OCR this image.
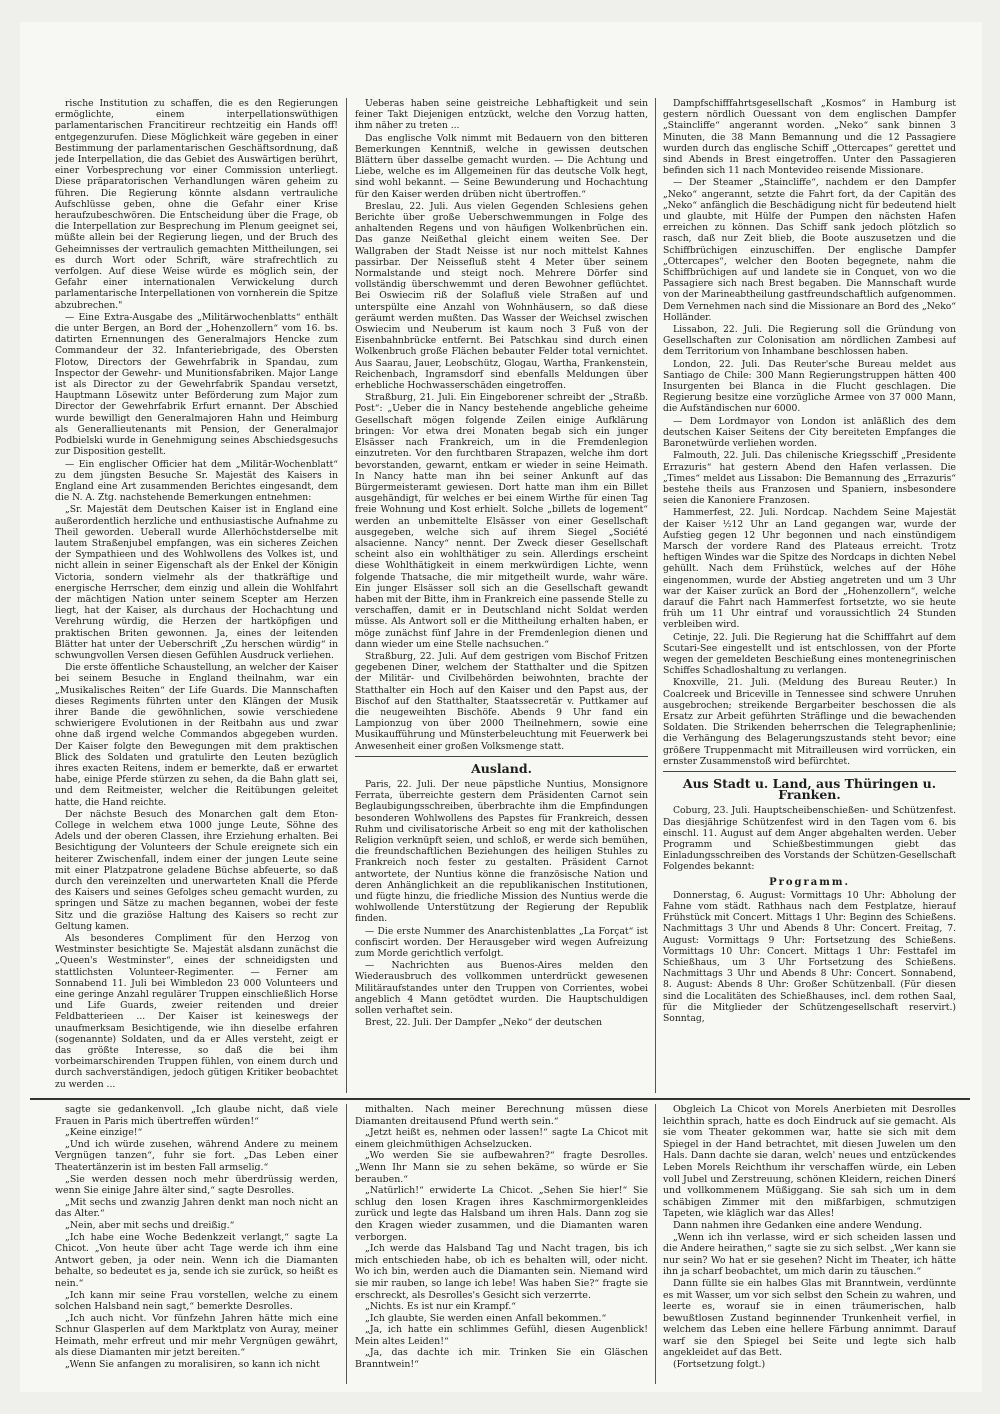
rische Institution zu schaffen, die es den Regierungen ermöglichte, einem interpellationswüthigen parlamentarischen Francitireur rechtzeitig ein Hands off! entgegenzurufen. Diese Möglichkeit wäre gegeben in einer Bestimmung der parlamentarischen Geschäftsordnung, daß jede Interpellation, die das Gebiet des Auswärtigen berührt, einer Vorbesprechung vor einer Commission unterliegt. Diese präparatorischen Verhandlungen wären geheim zu führen. Die Regierung könnte alsdann vertrauliche Aufschlüsse geben, ohne die Gefahr einer Krise heraufzubeschwören. Die Entscheidung über die Frage, ob die Interpellation zur Besprechung im Plenum geeignet sei, müßte allein bei der Regierung liegen, und der Bruch des Geheimnisses der vertraulich gemachten Mittheilungen, sei es durch Wort oder Schrift, wäre strafrechtlich zu verfolgen. Auf diese Weise würde es möglich sein, der Gefahr einer internationalen Verwickelung durch parlamentarische Interpellationen von vornherein die Spitze abzubrechen."

— Eine Extra-Ausgabe des „Militärwochenblatts“ enthält die unter Bergen, an Bord der „Hohenzollern“ vom 16. bs. datirten Ernennungen des Generalmajors Hencke zum Commandeur der 32. Infanteriebrigade, des Obersten Flotow, Directors der Gewehrfabrik in Spandau, zum Inspector der Gewehr- und Munitionsfabriken. Major Lange ist als Director zu der Gewehrfabrik Spandau versetzt, Hauptmann Lösewitz unter Beförderung zum Major zum Director der Gewehrfabrik Erfurt ernannt. Der Abschied wurde bewilligt den Generalmajoren Hahn und Heimburg als Generallieutenants mit Pension, der Generalmajor Podbielski wurde in Genehmigung seines Abschiedsgesuchs zur Disposition gestellt.

— Ein englischer Officier hat dem „Militär-Wochenblatt“ zu dem jüngsten Besuche Sr. Majestät des Kaisers in England eine Art zusammenden Berichtes eingesandt, dem die N. A. Ztg. nachstehende Bemerkungen entnehmen:

„Sr. Majestät dem Deutschen Kaiser ist in England eine außerordentlich herzliche und enthusiastische Aufnahme zu Theil geworden. Ueberall wurde Allerhöchstderselbe mit lautem Straßenjubel empfangen, was ein sicheres Zeichen der Sympathieen und des Wohlwollens des Volkes ist, und nicht allein in seiner Eigenschaft als der Enkel der Königin Victoria, sondern vielmehr als der thatkräftige und energische Herrscher, dem einzig und allein die Wohlfahrt der mächtigen Nation unter seinem Scepter am Herzen liegt, hat der Kaiser, als durchaus der Hochachtung und Verehrung würdig, die Herzen der hartköpfigen und praktischen Briten gewonnen. Ja, eines der leitenden Blätter hat unter der Ueberschrift „Zu herschen würdig“ in schwungvollen Versen diesen Gefühlen Ausdruck verliehen.

Die erste öffentliche Schaustellung, an welcher der Kaiser bei seinem Besuche in England theilnahm, war ein „Musikalisches Reiten“ der Life Guards. Die Mannschaften dieses Regiments führten unter den Klängen der Musik ihrer Bande die gewöhnlichen, sowie verschiedene schwierigere Evolutionen in der Reitbahn aus und zwar ohne daß irgend welche Commandos abgegeben wurden. Der Kaiser folgte den Bewegungen mit dem praktischen Blick des Soldaten und gratulirte den Leuten bezüglich ihres exacten Reitens, indem er bemerkte, daß er erwartet habe, einige Pferde stürzen zu sehen, da die Bahn glatt sei, und dem Reitmeister, welcher die Reitübungen geleitet hatte, die Hand reichte.

Der nächste Besuch des Monarchen galt dem Eton-College in welchem etwa 1000 junge Leute, Söhne des Adels und der oberen Classen, ihre Erziehung erhalten. Bei Besichtigung der Volunteers der Schule ereignete sich ein heiterer Zwischenfall, indem einer der jungen Leute seine mit einer Platzpatrone geladene Büchse abfeuerte, so daß durch den vereinzelten und unerwarteten Knall die Pferde des Kaisers und seines Gefolges scheu gemacht wurden, zu springen und Sätze zu machen begannen, wobei der feste Sitz und die graziöse Haltung des Kaisers so recht zur Geltung kamen.

Als besonderes Compliment für den Herzog von Westminster besichtigte Se. Majestät alsdann zunächst die „Queen's Westminster“, eines der schneidigsten und stattlichsten Volunteer-Regimenter. — Ferner am Sonnabend 11. Juli bei Wimbledon 23 000 Volunteers und eine geringe Anzahl regulärer Truppen einschließlich Horse und Life Guards, zweier reitenden und dreier Feldbatterieen ... Der Kaiser ist keineswegs der unaufmerksam Besichtigende, wie ihn dieselbe erfahren (sogenannte) Soldaten, und da er Alles versteht, zeigt er das größte Interesse, so daß die bei ihm vorbeimarschirenden Truppen fühlen, von einem durch und durch sachverständigen, jedoch gütigen Kritiker beobachtet zu werden ...

Ueberas haben seine geistreiche Lebhaftigkeit und sein feiner Takt Diejenigen entzückt, welche den Vorzug hatten, ihm näher zu treten ...

Das englische Volk nimmt mit Bedauern von den bitteren Bemerkungen Kenntniß, welche in gewissen deutschen Blättern über dasselbe gemacht wurden. — Die Achtung und Liebe, welche es im Allgemeinen für das deutsche Volk hegt, sind wohl bekannt. — Seine Bewunderung und Hochachtung für den Kaiser werden drüben nicht übertroffen.“

Breslau, 22. Juli. Aus vielen Gegenden Schlesiens gehen Berichte über große Ueberschwemmungen in Folge des anhaltenden Regens und von häufigen Wolkenbrüchen ein. Das ganze Neißethal gleicht einem weiten See. Der Wallgraben der Stadt Neisse ist nur noch mittelst Kahnes passirbar. Der Neissefluß steht 4 Meter über seinem Normalstande und steigt noch. Mehrere Dörfer sind vollständig überschwemmt und deren Bewohner geflüchtet. Bei Oswiecim riß der Solafluß viele Straßen auf und unterspülte eine Anzahl von Wohnhäusern, so daß diese geräumt werden mußten. Das Wasser der Weichsel zwischen Oswiecim und Neuberum ist kaum noch 3 Fuß von der Eisenbahnbrücke entfernt. Bei Patschkau sind durch einen Wolkenbruch große Flächen bebauter Felder total vernichtet. Aus Saarau, Jauer, Leobschütz, Glogau, Wartha, Frankenstein, Reichenbach, Ingramsdorf sind ebenfalls Meldungen über erhebliche Hochwasserschäden eingetroffen.

Straßburg, 21. Juli. Ein Eingeborener schreibt der „Straßb. Post“: „Ueber die in Nancy bestehende angebliche geheime Gesellschaft mögen folgende Zeilen einige Aufklärung bringen: Vor etwa drei Monaten begab sich ein junger Elsässer nach Frankreich, um in die Fremdenlegion einzutreten. Vor den furchtbaren Strapazen, welche ihm dort bevorstanden, gewarnt, entkam er wieder in seine Heimath. In Nancy hatte man ihn bei seiner Ankunft auf das Bürgermeisteramt gewiesen. Dort hatte man ihm ein Billet ausgehändigt, für welches er bei einem Wirthe für einen Tag freie Wohnung und Kost erhielt. Solche „billets de logement“ werden an unbemittelte Elsässer von einer Gesellschaft ausgegeben, welche sich auf ihrem Siegel „Société alsacienne. Nancy“ nennt. Der Zweck dieser Gesellschaft scheint also ein wohlthätiger zu sein. Allerdings erscheint diese Wohlthätigkeit in einem merkwürdigen Lichte, wenn folgende Thatsache, die mir mitgetheilt wurde, wahr wäre. Ein junger Elsässer soll sich an die Gesellschaft gewandt haben mit der Bitte, ihm in Frankreich eine passende Stelle zu verschaffen, damit er in Deutschland nicht Soldat werden müsse. Als Antwort soll er die Mittheilung erhalten haben, er möge zunächst fünf Jahre in der Fremdenlegion dienen und dann wieder um eine Stelle nachsuchen.“

Straßburg, 22. Juli. Auf dem gestrigen vom Bischof Fritzen gegebenen Diner, welchem der Statthalter und die Spitzen der Militär- und Civilbehörden beiwohnten, brachte der Statthalter ein Hoch auf den Kaiser und den Papst aus, der Bischof auf den Statthalter, Staatssecretär v. Puttkamer auf die neugeweihten Bischöfe. Abends 9 Uhr fand ein Lampionzug von über 2000 Theilnehmern, sowie eine Musikaufführung und Münsterbeleuchtung mit Feuerwerk bei Anwesenheit einer großen Volksmenge statt.

Ausland.

Paris, 22. Juli. Der neue päpstliche Nuntius, Monsignore Ferrata, überreichte gestern dem Präsidenten Carnot sein Beglaubigungsschreiben, überbrachte ihm die Empfindungen besonderen Wohlwollens des Papstes für Frankreich, dessen Ruhm und civilisatorische Arbeit so eng mit der katholischen Religion verknüpft seien, und schloß, er werde sich bemühen, die freundschaftlichen Beziehungen des heiligen Stuhles zu Frankreich noch fester zu gestalten. Präsident Carnot antwortete, der Nuntius könne die französische Nation und deren Anhänglichkeit an die republikanischen Institutionen, und fügte hinzu, die friedliche Mission des Nuntius werde die wohlwollende Unterstützung der Regierung der Republik finden.

— Die erste Nummer des Anarchistenblattes „La Forçat“ ist confiscirt worden. Der Herausgeber wird wegen Aufreizung zum Morde gerichtlich verfolgt.

— Nachrichten aus Buenos-Aires melden den Wiederausbruch des vollkommen unterdrückt gewesenen Militäraufstandes unter den Truppen von Corrientes, wobei angeblich 4 Mann getödtet wurden. Die Hauptschuldigen sollen verhaftet sein.

Brest, 22. Juli. Der Dampfer „Neko“ der deutschen

Dampfschifffahrtsgesellschaft „Kosmos“ in Hamburg ist gestern nördlich Ouessant von dem englischen Dampfer „Staincliffe“ angerannt worden. „Neko“ sank binnen 3 Minuten, die 38 Mann Bemannung und die 12 Passagiere wurden durch das englische Schiff „Ottercapes“ gerettet und sind Abends in Brest eingetroffen. Unter den Passagieren befinden sich 11 nach Montevideo reisende Missionare.

— Der Steamer „Staincliffe“, nachdem er den Dampfer „Neko“ angerannt, setzte die Fahrt fort, da der Capitän des „Neko“ anfänglich die Beschädigung nicht für bedeutend hielt und glaubte, mit Hülfe der Pumpen den nächsten Hafen erreichen zu können. Das Schiff sank jedoch plötzlich so rasch, daß nur Zeit blieb, die Boote auszusetzen und die Schiffbrüchigen einzuschiffen. Der englische Dampfer „Ottercapes“, welcher den Booten begegnete, nahm die Schiffbrüchigen auf und landete sie in Conquet, von wo die Passagiere sich nach Brest begaben. Die Mannschaft wurde von der Marineabtheilung gastfreundschaftlich aufgenommen. Dem Vernehmen nach sind die Missionare an Bord des „Neko“ Holländer.

Lissabon, 22. Juli. Die Regierung soll die Gründung von Gesellschaften zur Colonisation am nördlichen Zambesi auf dem Territorium von Inhambane beschlossen haben.

London, 22. Juli. Das Reuter'sche Bureau meldet aus Santiago de Chile: 300 Mann Regierungstruppen hätten 400 Insurgenten bei Blanca in die Flucht geschlagen. Die Regierung besitze eine vorzügliche Armee von 37 000 Mann, die Aufständischen nur 6000.

— Dem Lordmayor von London ist anläßlich des dem deutschen Kaiser Seitens der City bereiteten Empfanges die Baronetwürde verliehen worden.

Falmouth, 22. Juli. Das chilenische Kriegsschiff „Presidente Errazuris“ hat gestern Abend den Hafen verlassen. Die „Times“ meldet aus Lissabon: Die Bemannung des „Errazuris“ bestehe theils aus Franzosen und Spaniern, insbesondere seien die Kanoniere Franzosen.

Hammerfest, 22. Juli. Nordcap. Nachdem Seine Majestät der Kaiser ½12 Uhr an Land gegangen war, wurde der Aufstieg gegen 12 Uhr begonnen und nach einstündigem Marsch der vordere Rand des Plateaus erreicht. Trotz heftigen Windes war die Spitze des Nordcaps in dichten Nebel gehüllt. Nach dem Frühstück, welches auf der Höhe eingenommen, wurde der Abstieg angetreten und um 3 Uhr war der Kaiser zurück an Bord der „Hohenzollern“, welche darauf die Fahrt nach Hammerfest fortsetzte, wo sie heute früh um 11 Uhr eintraf und voraussichtlich 24 Stunden verbleiben wird.

Cetinje, 22. Juli. Die Regierung hat die Schifffahrt auf dem Scutari-See eingestellt und ist entschlossen, von der Pforte wegen der gemeldeten Beschießung eines montenegrinischen Schiffes Schadloshaltung zu verlangen.

Knoxville, 21. Juli. (Meldung des Bureau Reuter.) In Coalcreek und Briceville in Tennessee sind schwere Unruhen ausgebrochen; streikende Bergarbeiter beschossen die als Ersatz zur Arbeit geführten Sträflinge und die bewachenden Soldaten. Die Strikenden beherrschen die Telegraphenlinie; die Verhängung des Belagerungszustands steht bevor; eine größere Truppenmacht mit Mitrailleusen wird vorrücken, ein ernster Zusammenstoß wird befürchtet.

Aus Stadt u. Land, aus Thüringen u. Franken.

Coburg, 23. Juli. Hauptscheibenschießen- und Schützenfest. Das diesjährige Schützenfest wird in den Tagen vom 6. bis einschl. 11. August auf dem Anger abgehalten werden. Ueber Programm und Schießbestimmungen giebt das Einladungsschreiben des Vorstands der Schützen-Gesellschaft Folgendes bekannt:

Programm.

Donnerstag, 6. August: Vormittags 10 Uhr: Abholung der Fahne vom städt. Rathhaus nach dem Festplatze, hierauf Frühstück mit Concert. Mittags 1 Uhr: Beginn des Schießens. Nachmittags 3 Uhr und Abends 8 Uhr: Concert. Freitag, 7. August: Vormittags 9 Uhr: Fortsetzung des Schießens. Vormittags 10 Uhr: Concert. Mittags 1 Uhr: Festtafel im Schießhaus, um 3 Uhr Fortsetzung des Schießens. Nachmittags 3 Uhr und Abends 8 Uhr: Concert. Sonnabend, 8. August: Abends 8 Uhr: Großer Schützenball. (Für diesen sind die Localitäten des Schießhauses, incl. dem rothen Saal, für die Mitglieder der Schützengesellschaft reservirt.) Sonntag,

sagte sie gedankenvoll. „Ich glaube nicht, daß viele Frauen in Paris mich übertreffen würden!“

„Keine einzige!“

„Und ich würde zusehen, während Andere zu meinem Vergnügen tanzen“, fuhr sie fort. „Das Leben einer Theatertänzerin ist im besten Fall armselig.“

„Sie werden dessen noch mehr überdrüssig werden, wenn Sie einige Jahre älter sind,“ sagte Desrolles.

„Mit sechs und zwanzig Jahren denkt man noch nicht an das Alter.“

„Nein, aber mit sechs und dreißig.“

„Ich habe eine Woche Bedenkzeit verlangt,“ sagte La Chicot. „Von heute über acht Tage werde ich ihm eine Antwort geben, ja oder nein. Wenn ich die Diamanten behalte, so bedeutet es ja, sende ich sie zurück, so heißt es nein.“

„Ich kann mir seine Frau vorstellen, welche zu einem solchen Halsband nein sagt,“ bemerkte Desrolles.

„Ich auch nicht. Vor fünfzehn Jahren hätte mich eine Schnur Glasperlen auf dem Marktplatz von Auray, meiner Heimath, mehr erfreut und mir mehr Vergnügen gewährt, als diese Diamanten mir jetzt bereiten.“

„Wenn Sie anfangen zu moralisiren, so kann ich nicht

mithalten. Nach meiner Berechnung müssen diese Diamanten dreitausend Pfund werth sein.“

„Jetzt heißt es, nehmen oder lassen!“ sagte La Chicot mit einem gleichmüthigen Achselzucken.

„Wo werden Sie sie aufbewahren?“ fragte Desrolles. „Wenn Ihr Mann sie zu sehen bekäme, so würde er Sie berauben.“

„Natürlich!“ erwiderte La Chicot. „Sehen Sie hier!“ Sie schlug den losen Kragen ihres Kaschmirmorgenkleides zurück und legte das Halsband um ihren Hals. Dann zog sie den Kragen wieder zusammen, und die Diamanten waren verborgen.

„Ich werde das Halsband Tag und Nacht tragen, bis ich mich entschieden habe, ob ich es behalten will, oder nicht. Wo ich bin, werden auch die Diamanten sein. Niemand wird sie mir rauben, so lange ich lebe! Was haben Sie?“ fragte sie erschreckt, als Desrolles's Gesicht sich verzerrte.

„Nichts. Es ist nur ein Krampf.“

„Ich glaubte, Sie werden einen Anfall bekommen.“

„Ja, ich hatte ein schlimmes Gefühl, diesen Augenblick! Mein altes Leiden!“

„Ja, das dachte ich mir. Trinken Sie ein Gläschen Branntwein!“

Obgleich La Chicot von Morels Anerbieten mit Desrolles leichthin sprach, hatte es doch Eindruck auf sie gemacht. Als sie vom Theater gekommen war, hatte sie sich mit dem Spiegel in der Hand betrachtet, mit diesen Juwelen um den Hals. Dann dachte sie daran, welch' neues und entzückendes Leben Morels Reichthum ihr verschaffen würde, ein Leben voll Jubel und Zerstreuung, schönen Kleidern, reichen Dinerś und vollkommenem Müßiggang. Sie sah sich um in dem schäbigen Zimmer mit den mißfarbigen, schmutzigen Tapeten, wie kläglich war das Alles!

Dann nahmen ihre Gedanken eine andere Wendung.

„Wenn ich ihn verlasse, wird er sich scheiden lassen und die Andere heirathen,“ sagte sie zu sich selbst. „Wer kann sie nur sein? Wo hat er sie gesehen? Nicht im Theater, ich hätte ihn ja scharf beobachtet, um mich darin zu täuschen.“

Dann füllte sie ein halbes Glas mit Branntwein, verdünnte es mit Wasser, um vor sich selbst den Schein zu wahren, und leerte es, worauf sie in einen träumerischen, halb bewußtlosen Zustand beginnender Trunkenheit verfiel, in welchem das Leben eine hellere Färbung annimmt. Darauf warf sie den Spiegel bei Seite und legte sich halb angekleidet auf das Bett.

(Fortsetzung folgt.)
